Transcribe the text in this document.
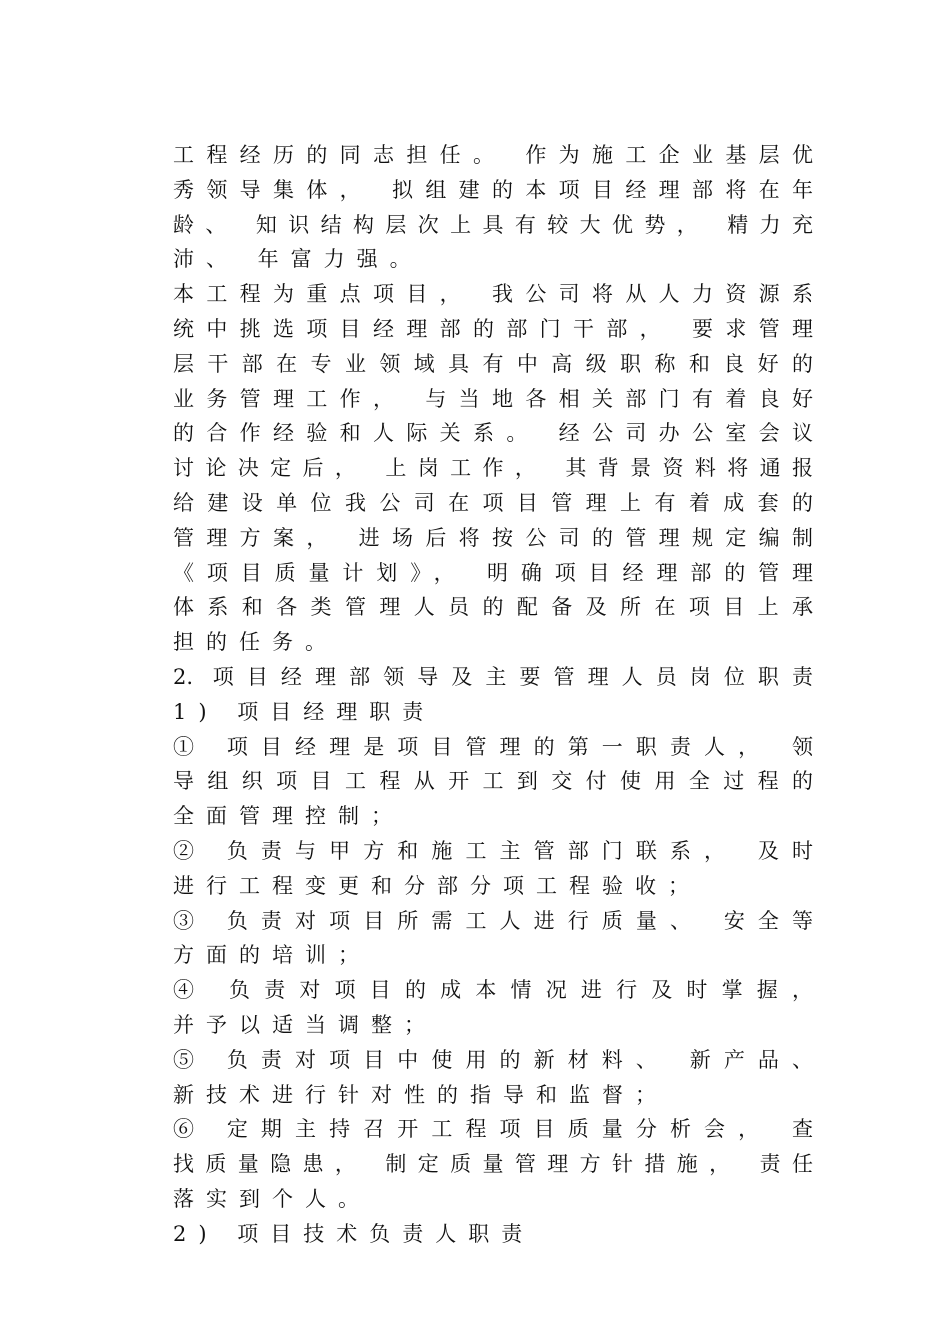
工程经历的同志担任。 作为施工企业基层优
秀领导集体， 拟组建的本项目经理部将在年
龄、 知识结构层次上具有较大优势， 精力充
沛、 年富力强。
本工程为重点项目， 我公司将从人力资源系
统中挑选项目经理部的部门干部， 要求管理
层干部在专业领域具有中高级职称和良好的
业务管理工作， 与当地各相关部门有着良好
的合作经验和人际关系。 经公司办公室会议
讨论决定后， 上岗工作， 其背景资料将通报
给建设单位我公司在项目管理上有着成套的
管理方案， 进场后将按公司的管理规定编制
《项目质量计划》， 明确项目经理部的管理
体系和各类管理人员的配备及所在项目上承
担的任务。
2. 项目经理部领导及主要管理人员岗位职责
1) 项目经理职责
① 项目经理是项目管理的第一职责人， 领
导组织项目工程从开工到交付使用全过程的
全面管理控制；
② 负责与甲方和施工主管部门联系， 及时
进行工程变更和分部分项工程验收；
③ 负责对项目所需工人进行质量、 安全等
方面的培训；
④ 负责对项目的成本情况进行及时掌握，
并予以适当调整；
⑤ 负责对项目中使用的新材料、 新产品、
新技术进行针对性的指导和监督；
⑥ 定期主持召开工程项目质量分析会， 查
找质量隐患， 制定质量管理方针措施， 责任
落实到个人。
2) 项目技术负责人职责
